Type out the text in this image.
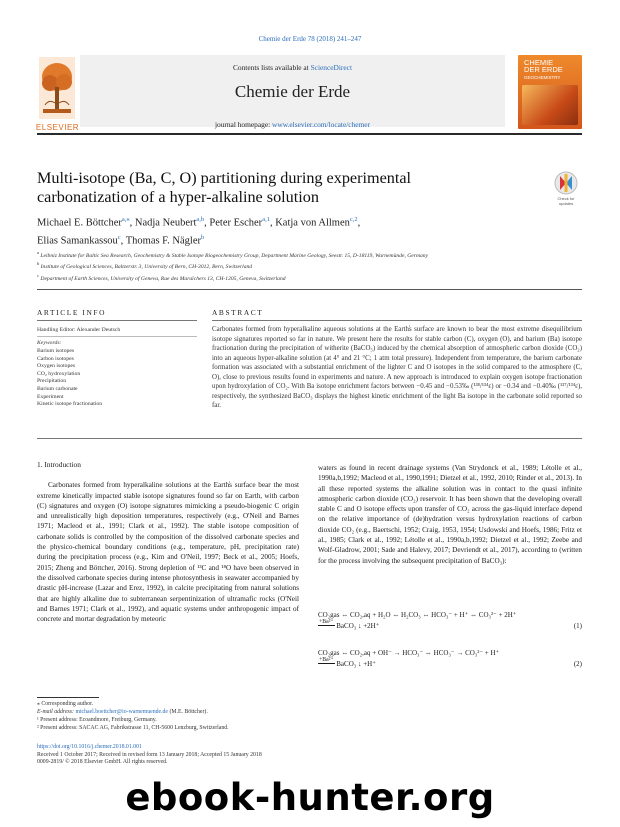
Chemie der Erde 78 (2018) 241–247
Contents lists available at ScienceDirect
Chemie der Erde
journal homepage: www.elsevier.com/locate/chemer
ELSEVIER
CHEMIE
DER ERDE
GEOCHEMISTRY
Multi-isotope (Ba, C, O) partitioning during experimental carbonatization of a hyper-alkaline solution	Check for
updates
Michael E. Böttcher$^{a,⁎}$, Nadja Neubert$^{a,b}$, Peter Escher$^{a,1}$, Katja von Allmen$^{c,2}$,
Elias Samankassou$^c$, Thomas F. Nägler$^b$
$^a$ Leibniz Institute for Baltic Sea Research, Geochemistry & Stable Isotope Biogeochemistry Group, Department Marine Geology, Seestr. 15, D-18119, Warnemünde, Germany
$^b$ Institute of Geological Sciences, Baltzerstr. 3, University of Bern, CH-3012, Bern, Switzerland
$^c$ Department of Earth Sciences, University of Geneva, Rue des Maraîchers 13, CH-1205, Geneva, Switzerland
ARTICLE INFO	ABSTRACT
Handling Editor: Alexander Deutsch
Keywords:
Barium isotopes
Carbon isotopes
Oxygen isotopes
CO₂ hydroxylation
Precipitation
Barium carbonate
Experiment
Kinetic isotope fractionation
Carbonates formed from hyperalkaline aqueous solutions at the Earth̕s surface are known to bear the most extreme disequilibrium isotope signatures reported so far in nature. We present here the results for stable carbon (C), oxygen (O), and barium (Ba) isotope fractionation during the precipitation of witherite (BaCO₃) induced by the chemical absorption of atmospheric carbon dioxide (CO₂) into an aqueous hyper-alkaline solution (at 4° and 21 °C; 1 atm total pressure). Independent from temperature, the barium carbonate formation was associated with a substantial enrichment of the lighter C and O isotopes in the solid compared to the atmosphere (C, O), close to previous results found in experiments and nature. A new approach is introduced to explain oxygen isotope fractionation upon hydroxylation of CO₂. With Ba isotope enrichment factors between −0.45 and −0.53‰ (¹³⁸/¹³⁴ε) or −0.34 and −0.40‰ (¹³⁷/¹³⁴ε), respectively, the synthesized BaCO₃ displays the highest kinetic enrichment of the light Ba isotope in the carbonate solid reported so far.
1. Introduction

Carbonates formed from hyperalkaline solutions at the Earth̕s surface bear the most extreme kinetically impacted stable isotope signatures found so far on Earth, with carbon (C) signatures and oxygen (O) isotope signatures mimicking a pseudo-biogenic C origin and unrealistically high deposition temperatures, respectively (e.g., O'Neil and Barnes 1971; Macleod et al., 1991; Clark et al., 1992). The stable isotope composition of carbonate solids is controlled by the composition of the dissolved carbonate species and the physico-chemical boundary conditions (e.g., temperature, pH, precipitation rate) during the precipitation process (e.g., Kim and O'Neil, 1997; Beck et al., 2005; Hoefs, 2015; Zheng and Böttcher, 2016). Strong depletion of ¹³C and ¹⁸O have been observed in the dissolved carbonate species during intense photosynthesis in seawater accompanied by drastic pH-increase (Lazar and Erez, 1992), in calcite precipitating from natural solutions that are highly alkaline due to subterranean serpentinization of ultramafic rocks (O'Neil and Barnes 1971; Clark et al., 1992), and aquatic systems under anthropogenic impact of concrete and mortar degradation by meteoric

waters as found in recent drainage systems (Van Strydonck et al., 1989; Létolle et al., 1990a,b,1992; Macleod et al., 1990,1991; Dietzel et al., 1992, 2010; Rinder et al., 2013). In all these reported systems the alkaline solution was in contact to the quasi infinite atmospheric carbon dioxide (CO₂) reservoir. It has been shown that the developing overall stable C and O isotope effects upon transfer of CO₂ across the gas-liquid interface depend on the relative importance of (de)hydration versus hydroxylation reactions of carbon dioxide CO₂ (e.g., Baertschi, 1952; Craig, 1953, 1954; Usdowski and Hoefs, 1986; Fritz et al., 1985; Clark et al., 1992; Létolle et al., 1990a,b,1992; Dietzel et al., 1992; Zeebe and Wolf-Gladrow, 2001; Sade and Halevy, 2017; Devriendt et al., 2017), according to (written for the process involving the subsequent precipitation of BaCO₃):

CO₂gas ⇔ CO₂,aq + H₂O ⇔ H₂CO₃ ⇔ HCO₃⁻ + H⁺ ⇔ CO₃²⁻ + 2H⁺
+Ba²⁺ BaCO₃ ↓ +2H⁺	(1)
CO₂gas ⇔ CO₂,aq + OH⁻ → HCO₃⁻ ⇔ HCO₃⁻ → CO₃²⁻ + H⁺
+Ba²⁺ BaCO₃ ↓ +H⁺	(2)
⁎ Corresponding author.
E-mail address: michael.boettcher@io-warnemuende.de (M.E. Böttcher).
¹ Present address: Ecoandmore, Freiburg, Germany.
² Present address: SACAC AG, Fabrikstrasse 11, CH-5600 Lenzburg, Switzerland.
https://doi.org/10.1016/j.chemer.2018.01.001
Received 1 October 2017; Received in revised form 13 January 2018; Accepted 15 January 2018
0009-2819/ © 2018 Elsevier GmbH. All rights reserved.
ebook-hunter.org
